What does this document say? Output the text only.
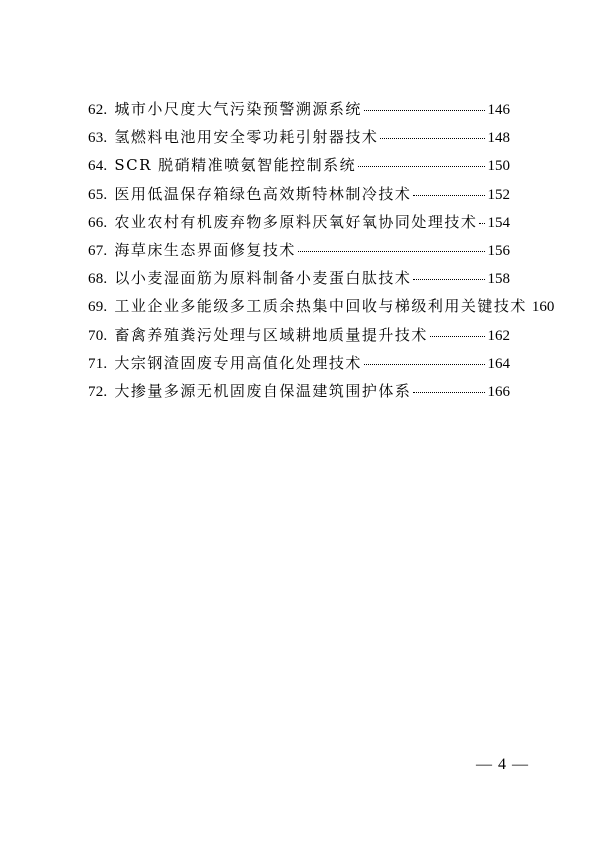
62. 城市小尺度大气污染预警溯源系统	146
63. 氢燃料电池用安全零功耗引射器技术	148
64. SCR 脱硝精准喷氨智能控制系统	150
65. 医用低温保存箱绿色高效斯特林制冷技术	152
66. 农业农村有机废弃物多原料厌氧好氧协同处理技术 154
67. 海草床生态界面修复技术	156
68. 以小麦湿面筋为原料制备小麦蛋白肽技术	158
69. 工业企业多能级多工质余热集中回收与梯级利用关键技术 160
70. 畜禽养殖粪污处理与区域耕地质量提升技术	162
71. 大宗钢渣固废专用高值化处理技术	164
72. 大掺量多源无机固废自保温建筑围护体系	166
— 4 —
